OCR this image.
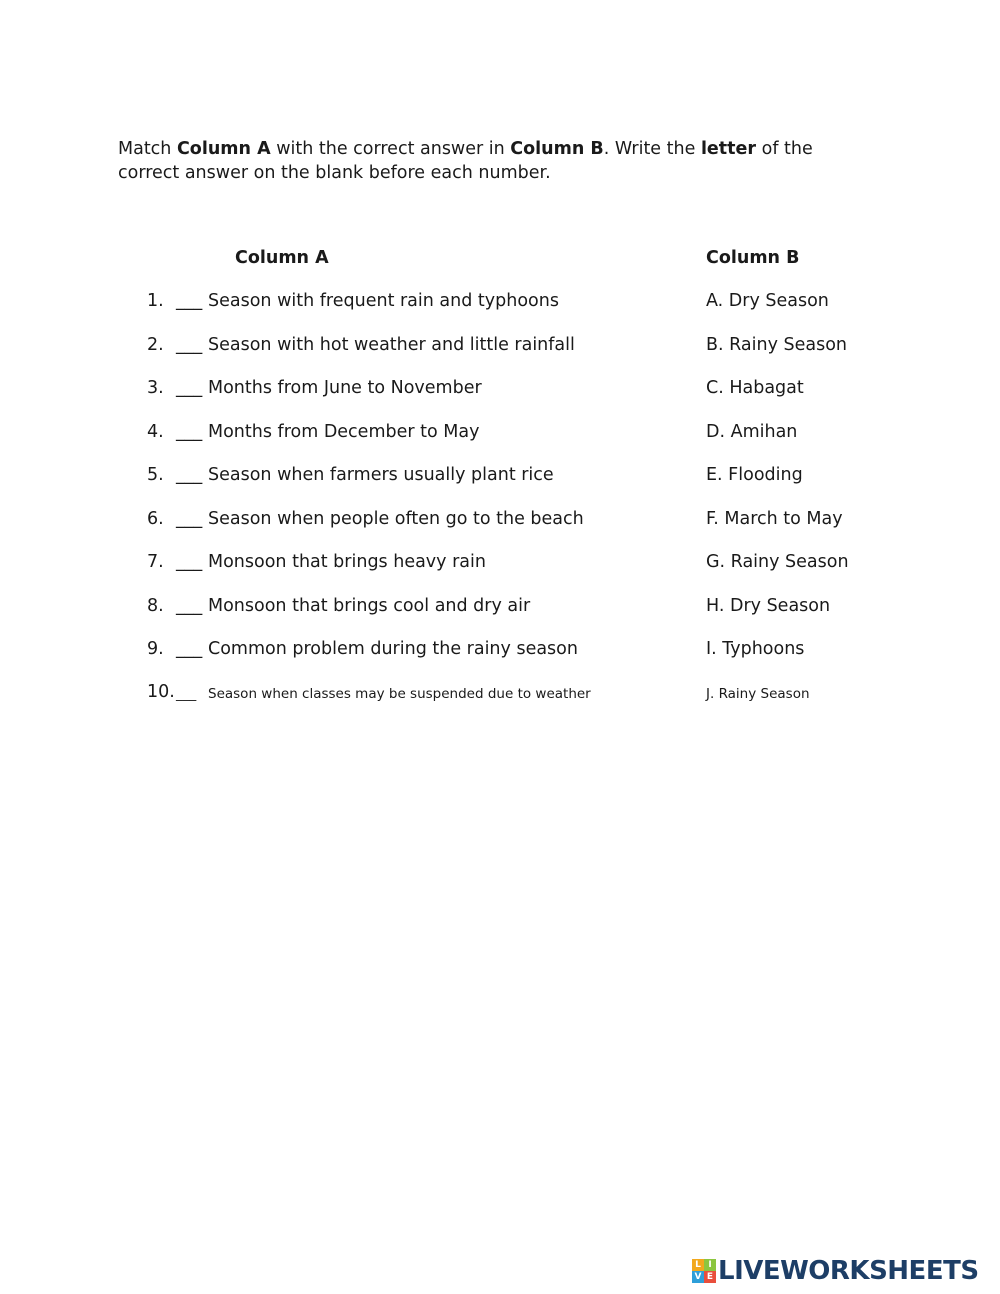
Match Column A with the correct answer in Column B. Write the letter of the correct answer on the blank before each number.
Column A	Column B
1. ___ Season with frequent rain and typhoons	A. Dry Season
2. ___ Season with hot weather and little rainfall	B. Rainy Season
3. ___ Months from June to November	C. Habagat
4. ___ Months from December to May	D. Amihan
5. ___ Season when farmers usually plant rice	E. Flooding
6. ___ Season when people often go to the beach	F. March to May
7. ___ Monsoon that brings heavy rain	G. Rainy Season
8. ___ Monsoon that brings cool and dry air	H. Dry Season
9. ___ Common problem during the rainy season	I. Typhoons
10. ___ Season when classes may be suspended due to weather	J. Rainy Season
L I
V E LIVEWORKSHEETS
